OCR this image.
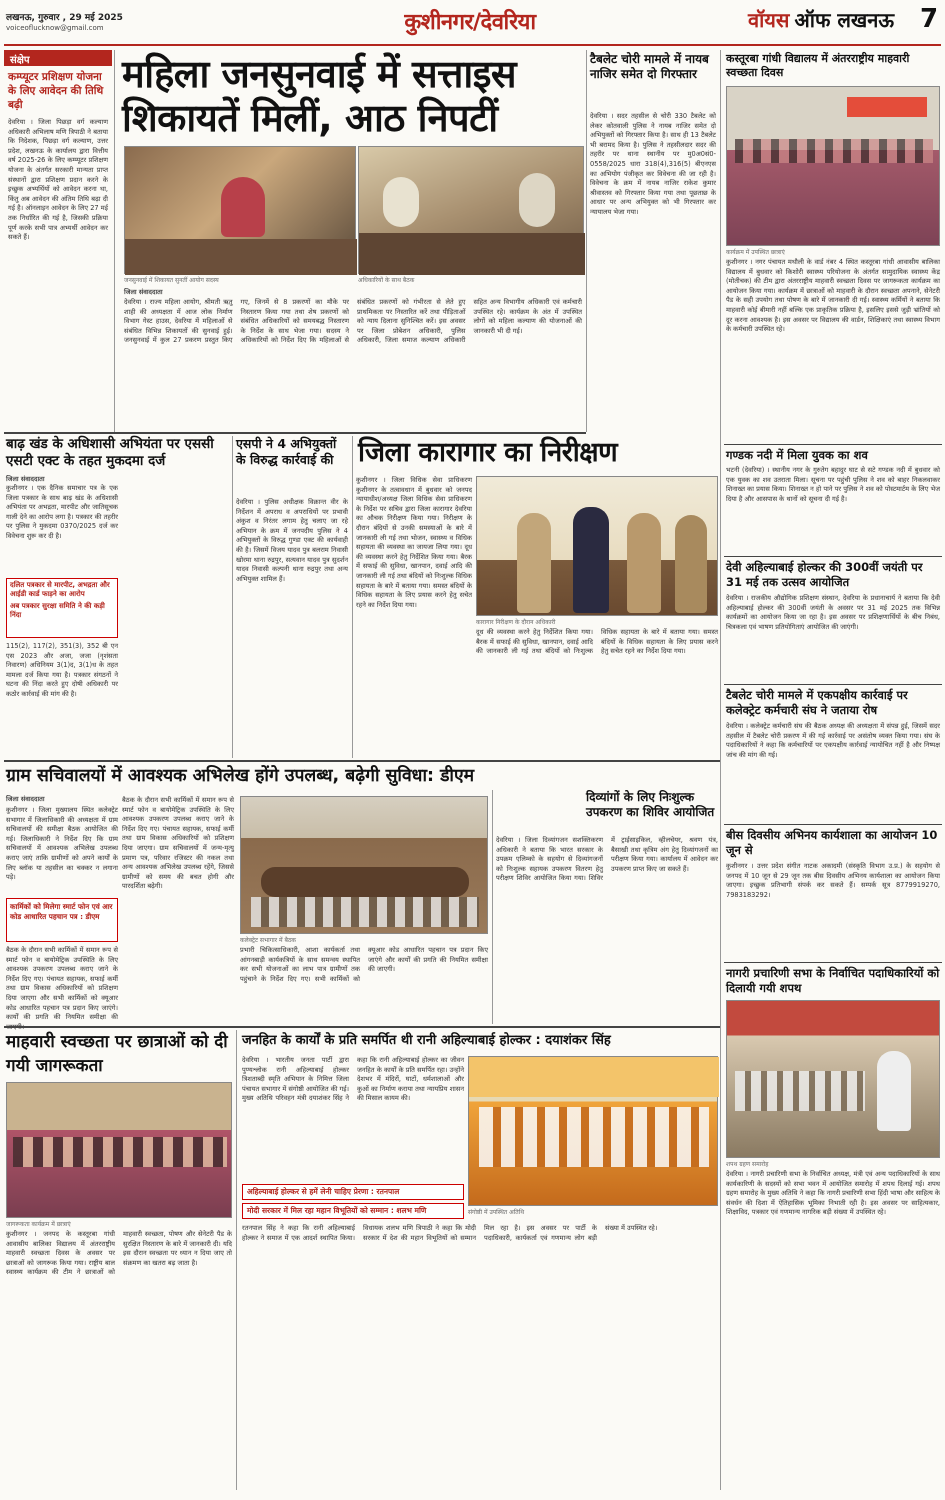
लखनऊ, गुरुवार , 29 मई 2025
voiceoflucknow@gmail.com	कुशीनगर/देवरिया	वॉयस ऑफ लखनऊ 7
संक्षेप
कम्प्यूटर प्रशिक्षण योजना के लिए आवेदन की तिथि बढ़ी
देवरिया । जिला पिछड़ा वर्ग कल्याण अधिकारी अभिलाष मणि त्रिपाठी ने बताया कि निदेशक, पिछड़ा वर्ग कल्याण, उत्तर प्रदेश, लखनऊ के कार्यालय द्वारा वित्तीय वर्ष 2025-26 के लिए कम्प्यूटर प्रशिक्षण योजना के अंतर्गत सरकारी मान्यता प्राप्त संस्थानों द्वारा प्रशिक्षण प्रदान करने के इच्छुक अभ्यर्थियों को आवेदन करना था, किंतु अब आवेदन की अंतिम तिथि बढ़ा दी गई है। ऑनलाइन आवेदन के लिए 27 मई तक निर्धारित की गई है, जिसकी प्रक्रिया पूर्ण करके सभी पात्र अभ्यर्थी आवेदन कर सकते हैं।
महिला जनसुनवाई में सत्ताइस
शिकायतें मिलीं, आठ निपटीं
जनसुनवाई में शिकायत सुनतीं आयोग सदस्य	अधिकारियों के साथ बैठक
जिला संवाददाता
देवरिया । राज्य महिला आयोग, श्रीमती ऋतु शाही की अध्यक्षता में आज लोक निर्माण विभाग गेस्ट हाउस, देवरिया में महिलाओं से संबंधित विभिन्न शिकायतों की सुनवाई हुई। जनसुनवाई में कुल 27 प्रकरण प्रस्तुत किए गए, जिनमें से 8 प्रकरणों का मौके पर निस्तारण किया गया तथा शेष प्रकरणों को संबंधित अधिकारियों को समयबद्ध निस्तारण के निर्देश के साथ भेजा गया। सदस्य ने अधिकारियों को निर्देश दिए कि महिलाओं से संबंधित प्रकरणों को गंभीरता से लेते हुए प्राथमिकता पर निस्तारित करें तथा पीड़िताओं को न्याय दिलाना सुनिश्चित करें। इस अवसर पर जिला प्रोबेशन अधिकारी, पुलिस अधिकारी, जिला समाज कल्याण अधिकारी सहित अन्य विभागीय अधिकारी एवं कर्मचारी उपस्थित रहे। कार्यक्रम के अंत में उपस्थित लोगों को महिला कल्याण की योजनाओं की जानकारी भी दी गई।
टैबलेट चोरी मामले में नायब नाजिर समेत दो गिरफ्तार
देवरिया । सदर तहसील से चोरी 330 टैबलेट को लेकर कोतवाली पुलिस ने नायब नाजिर समेत दो अभियुक्तों को गिरफ्तार किया है। साथ ही 13 टैबलेट भी बरामद किया है। पुलिस ने तहसीलदार सदर की तहरीर पर थाना स्थानीय पर मु0अ0सं0-0558/2025 धारा 318(4),316(5) बीएनएस का अभियोग पंजीकृत कर विवेचना की जा रही है। विवेचना के क्रम में नायब नाजिर राकेश कुमार श्रीवास्तव को गिरफ्तार किया गया तथा पूछताछ के आधार पर अन्य अभियुक्त को भी गिरफ्तार कर न्यायालय भेजा गया।
कस्तूरबा गांधी विद्यालय में अंतरराष्ट्रीय माहवारी स्वच्छता दिवस
कार्यक्रम में उपस्थित छात्राएं
कुशीनगर । नगर पंचायत मथौली के वार्ड नंबर 4 स्थित कस्तूरबा गांधी आवासीय बालिका विद्यालय में बुधवार को किशोरी स्वास्थ्य परियोजना के अंतर्गत सामुदायिक स्वास्थ्य केंद्र (मोतीचक) की टीम द्वारा अंतरराष्ट्रीय माहवारी स्वच्छता दिवस पर जागरूकता कार्यक्रम का आयोजन किया गया। कार्यक्रम में छात्राओं को माहवारी के दौरान स्वच्छता अपनाने, सेनेटरी पैड के सही उपयोग तथा पोषण के बारे में जानकारी दी गई। स्वास्थ्य कर्मियों ने बताया कि माहवारी कोई बीमारी नहीं बल्कि एक प्राकृतिक प्रक्रिया है, इसलिए इससे जुड़ी भ्रांतियों को दूर करना आवश्यक है। इस अवसर पर विद्यालय की वार्डन, शिक्षिकाएं तथा स्वास्थ्य विभाग के कर्मचारी उपस्थित रहे।
गण्डक नदी में मिला युवक का शव
भटनी (देवरिया) । स्थानीय नगर के गुरुतेग बहादुर घाट से सटे गण्डक नदी में बुधवार को एक युवक का शव उतराता मिला। सूचना पर पहुंची पुलिस ने शव को बाहर निकलवाकर शिनाख्त का प्रयास किया। शिनाख्त न हो पाने पर पुलिस ने शव को पोस्टमार्टम के लिए भेज दिया है और आसपास के थानों को सूचना दी गई है।
देवी अहिल्याबाई होल्कर की 300वीं जयंती पर 31 मई तक उत्सव आयोजित
देवरिया । राजकीय औद्योगिक प्रशिक्षण संस्थान, देवरिया के प्रधानाचार्य ने बताया कि देवी अहिल्याबाई होल्कर की 300वीं जयंती के अवसर पर 31 मई 2025 तक विभिन्न कार्यक्रमों का आयोजन किया जा रहा है। इस अवसर पर प्रशिक्षणार्थियों के बीच निबंध, चित्रकला एवं भाषण प्रतियोगिताएं आयोजित की जाएंगी।
टैबलेट चोरी मामले में एकपक्षीय कार्रवाई पर कलेक्ट्रेट कर्मचारी संघ ने जताया रोष
देवरिया । कलेक्ट्रेट कर्मचारी संघ की बैठक अध्यक्ष की अध्यक्षता में संपन्न हुई, जिसमें सदर तहसील में टैबलेट चोरी प्रकरण में की गई कार्रवाई पर असंतोष व्यक्त किया गया। संघ के पदाधिकारियों ने कहा कि कर्मचारियों पर एकपक्षीय कार्रवाई न्यायोचित नहीं है और निष्पक्ष जांच की मांग की गई।
बीस दिवसीय अभिनय कार्यशाला का आयोजन 10 जून से
कुशीनगर । उत्तर प्रदेश संगीत नाटक अकादमी (संस्कृति विभाग उ.प्र.) के सहयोग से जनपद में 10 जून से 29 जून तक बीस दिवसीय अभिनय कार्यशाला का आयोजन किया जाएगा। इच्छुक प्रतिभागी संपर्क कर सकते हैं। सम्पर्क सूत्र 8779919270, 7983183292।
नागरी प्रचारिणी सभा के निर्वाचित पदाधिकारियों को दिलायी गयी शपथ
शपथ ग्रहण समारोह
देवरिया । नागरी प्रचारिणी सभा के निर्वाचित अध्यक्ष, मंत्री एवं अन्य पदाधिकारियों के साथ कार्यकारिणी के सदस्यों को सभा भवन में आयोजित समारोह में शपथ दिलाई गई। शपथ ग्रहण समारोह के मुख्य अतिथि ने कहा कि नागरी प्रचारिणी सभा हिंदी भाषा और साहित्य के संवर्धन की दिशा में ऐतिहासिक भूमिका निभाती रही है। इस अवसर पर साहित्यकार, शिक्षाविद, पत्रकार एवं गणमान्य नागरिक बड़ी संख्या में उपस्थित रहे।
बाढ़ खंड के अधिशासी अभियंता पर एससी एसटी एक्ट के तहत मुकदमा दर्ज
जिला संवाददाता
कुशीनगर । एक दैनिक समाचार पत्र के एक जिला पत्रकार के साथ बाढ़ खंड के अधिशासी अभियंता पर अभद्रता, मारपीट और जातिसूचक गाली देने का आरोप लगा है। पत्रकार की तहरीर पर पुलिस ने मुकदमा 0370/2025 दर्ज कर विवेचना शुरू कर दी है।
दलित पत्रकार से मारपीट, अभद्रता और आईडी कार्ड फाड़ने का आरोप
अब पत्रकार सुरक्षा समिति ने की कड़ी निंदा
115(2), 117(2), 351(3), 352 बी एन एस 2023 और अजा, जजा (नृशंसता निवारण) अधिनियम 3(1)द, 3(1)ध के तहत मामला दर्ज किया गया है। पत्रकार संगठनों ने घटना की निंदा करते हुए दोषी अधिकारी पर कठोर कार्रवाई की मांग की है।
एसपी ने 4 अभियुक्तों के विरुद्ध कार्रवाई की
देवरिया । पुलिस अधीक्षक विक्रान्त वीर के निर्देशन में अपराध व अपराधियों पर प्रभावी अंकुश व निरंतर लगाम हेतु चलाए जा रहे अभियान के क्रम में जनपदीय पुलिस ने 4 अभियुक्तों के विरुद्ध गुण्डा एक्ट की कार्यवाही की है। जिसमें विजय यादव पुत्र बलराम निवासी खोरमा थाना रुद्रपुर, सत्यवान यादव पुत्र सुदर्शन यादव निवासी कल्पनी थाना रुद्रपुर तथा अन्य अभियुक्त शामिल हैं।
जिला कारागार का निरीक्षण
कुशीनगर । जिला विधिक सेवा प्राधिकरण कुशीनगर के तत्वावधान में बुधवार को जनपद न्यायाधीश/अध्यक्ष जिला विधिक सेवा प्राधिकरण के निर्देश पर सचिव द्वारा जिला कारागार देवरिया का औचक निरीक्षण किया गया। निरीक्षण के दौरान बंदियों से उनकी समस्याओं के बारे में जानकारी ली गई तथा भोजन, स्वास्थ्य व विधिक सहायता की व्यवस्था का जायजा लिया गया। दूध की व्यवस्था करने हेतु निर्देशित किया गया। बैरक में सफाई की सुविधा, खानपान, दवाई आदि की जानकारी ली गई तथा बंदियों को निःशुल्क विधिक सहायता के बारे में बताया गया। समस्त बंदियों के विधिक सहायता के लिए प्रयास करने हेतु सचेत रहने का निर्देश दिया गया।
कारागार निरीक्षण के दौरान अधिकारी
दूध की व्यवस्था करने हेतु निर्देशित किया गया। बैरक में सफाई की सुविधा, खानपान, दवाई आदि की जानकारी ली गई तथा बंदियों को निःशुल्क विधिक सहायता के बारे में बताया गया। समस्त बंदियों के विधिक सहायता के लिए प्रयास करने हेतु सचेत रहने का निर्देश दिया गया।
ग्राम सचिवालयों में आवश्यक अभिलेख होंगे उपलब्ध, बढ़ेगी सुविधा: डीएम
जिला संवाददाता
कुशीनगर । जिला मुख्यालय स्थित कलेक्ट्रेट सभागार में जिलाधिकारी की अध्यक्षता में ग्राम सचिवालयों की समीक्षा बैठक आयोजित की गई। जिलाधिकारी ने निर्देश दिए कि ग्राम सचिवालयों में आवश्यक अभिलेख उपलब्ध कराए जाएं ताकि ग्रामीणों को अपने कार्यों के लिए ब्लॉक या तहसील का चक्कर न लगाना पड़े।
कार्मिकों को मिलेगा स्मार्ट फोन एवं आर कोड आधारित पहचान पत्र : डीएम
बैठक के दौरान सभी कार्मिकों में समान रूप से स्मार्ट फोन व बायोमेट्रिक उपस्थिति के लिए आवश्यक उपकरण उपलब्ध कराए जाने के निर्देश दिए गए। पंचायत सहायक, सफाई कर्मी तथा ग्राम विकास अधिकारियों को प्रशिक्षण दिया जाएगा और सभी कार्मिकों को क्यूआर कोड आधारित पहचान पत्र प्रदान किए जाएंगे। कार्यों की प्रगति की नियमित समीक्षा की
बैठक के दौरान सभी कार्मिकों में समान रूप से स्मार्ट फोन व बायोमेट्रिक उपस्थिति के लिए आवश्यक उपकरण उपलब्ध कराए जाने के निर्देश दिए गए। पंचायत सहायक, सफाई कर्मी तथा ग्राम विकास अधिकारियों को प्रशिक्षण दिया जाएगा। ग्राम सचिवालयों में जन्म-मृत्यु प्रमाण पत्र, परिवार रजिस्टर की नकल तथा अन्य आवश्यक अभिलेख उपलब्ध रहेंगे, जिससे ग्रामीणों को समय की बचत होगी और पारदर्शिता बढ़ेगी।
कलेक्ट्रेट सभागार में बैठक
प्रभारी चिकित्साधिकारी, आशा कार्यकर्ता तथा आंगनबाड़ी कार्यकत्रियों के साथ समन्वय स्थापित कर सभी योजनाओं का लाभ पात्र ग्रामीणों तक पहुंचाने के निर्देश दिए गए। सभी कार्मिकों को क्यूआर कोड आधारित पहचान पत्र प्रदान किए जाएंगे और कार्यों की प्रगति की नियमित समीक्षा की जाएगी।
दिव्यांगों के लिए निःशुल्क उपकरण का शिविर आयोजित
देवरिया । जिला दिव्यांगजन सशक्तिकरण अधिकारी ने बताया कि भारत सरकार के उपक्रम एलिम्को के सहयोग से दिव्यांगजनों को निःशुल्क सहायक उपकरण वितरण हेतु परीक्षण शिविर आयोजित किया गया। शिविर में ट्राईसाइकिल, व्हीलचेयर, श्रवण यंत्र, बैसाखी तथा कृत्रिम अंग हेतु दिव्यांगजनों का परीक्षण किया गया। कार्यालय में आवेदन कर उपकरण प्राप्त किए जा सकते हैं।
माहवारी स्वच्छता पर छात्राओं को दी गयी जागरूकता
जागरूकता कार्यक्रम में छात्राएं
कुशीनगर । जनपद के कस्तूरबा गांधी आवासीय बालिका विद्यालय में अंतरराष्ट्रीय माहवारी स्वच्छता दिवस के अवसर पर छात्राओं को जागरूक किया गया। राष्ट्रीय बाल स्वास्थ्य कार्यक्रम की टीम ने छात्राओं को माहवारी स्वच्छता, पोषण और सेनेटरी पैड के सुरक्षित निस्तारण के बारे में जानकारी दी। यदि इस दौरान स्वच्छता पर ध्यान न दिया जाए तो संक्रमण का खतरा बढ़ जाता है।
जनहित के कार्यों के प्रति समर्पित थी रानी अहिल्याबाई होल्कर : दयाशंकर सिंह
देवरिया । भारतीय जनता पार्टी द्वारा पुण्यश्लोक रानी अहिल्याबाई होल्कर त्रिशताब्दी स्मृति अभियान के निमित्त जिला पंचायत सभागार में संगोष्ठी आयोजित की गई। मुख्य अतिथि परिवहन मंत्री दयाशंकर सिंह ने कहा कि रानी अहिल्याबाई होल्कर का जीवन जनहित के कार्यों के प्रति समर्पित रहा। उन्होंने देशभर में मंदिरों, घाटों, धर्मशालाओं और कुओं का निर्माण कराया तथा न्यायप्रिय शासन की मिसाल कायम की।
संगोष्ठी में उपस्थित अतिथि
अहिल्याबाई होल्कर से हमें लेनी चाहिए प्रेरणा : रतनपाल
मोदी सरकार में मिल रहा महान विभूतियों को सम्मान : शलभ मणि
रतनपाल सिंह ने कहा कि रानी अहिल्याबाई होल्कर ने समाज में एक आदर्श स्थापित किया। विधायक शलभ मणि त्रिपाठी ने कहा कि मोदी सरकार में देश की महान विभूतियों को सम्मान मिल रहा है। इस अवसर पर पार्टी के पदाधिकारी, कार्यकर्ता एवं गणमान्य लोग बड़ी संख्या में उपस्थित रहे।
